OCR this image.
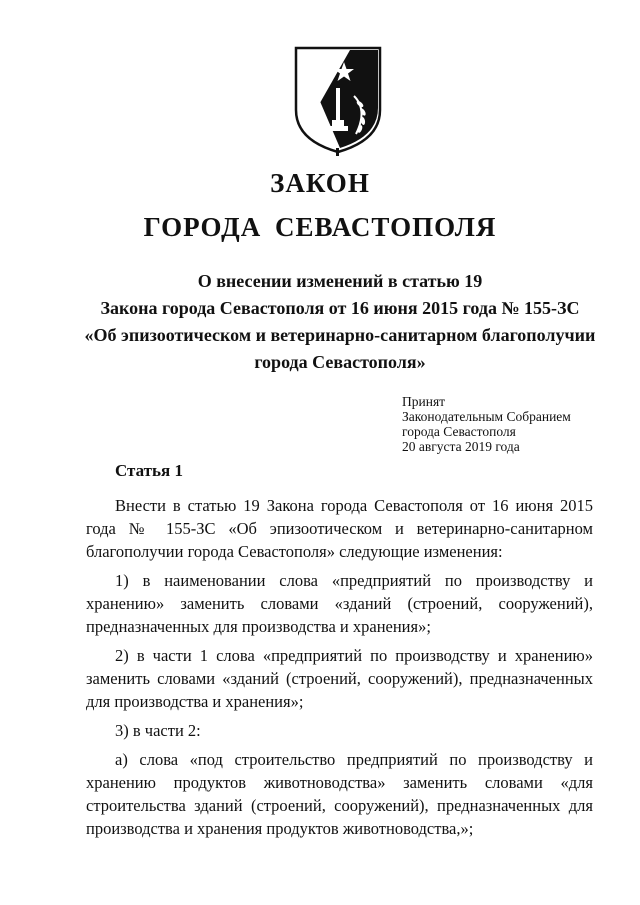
ЗАКОН
ГОРОДА СЕВАСТОПОЛЯ
О внесении изменений в статью 19
Закона города Севастополя от 16 июня 2015 года № 155-ЗС
«Об эпизоотическом и ветеринарно-санитарном благополучии
города Севастополя»
Принят
Законодательным Собранием
города Севастополя
20 августа 2019 года
Статья 1

Внести в статью 19 Закона города Севастополя от 16 июня 2015 года № 155-ЗС «Об эпизоотическом и ветеринарно-санитарном благополучии города Севастополя» следующие изменения:

1) в наименовании слова «предприятий по производству и хранению» заменить словами «зданий (строений, сооружений), предназначенных для производства и хранения»;

2) в части 1 слова «предприятий по производству и хранению» заменить словами «зданий (строений, сооружений), предназначенных для производства и хранения»;

3) в части 2:

а) слова «под строительство предприятий по производству и хранению продуктов животноводства» заменить словами «для строительства зданий (строений, сооружений), предназначенных для производства и хранения продуктов животноводства,»;
